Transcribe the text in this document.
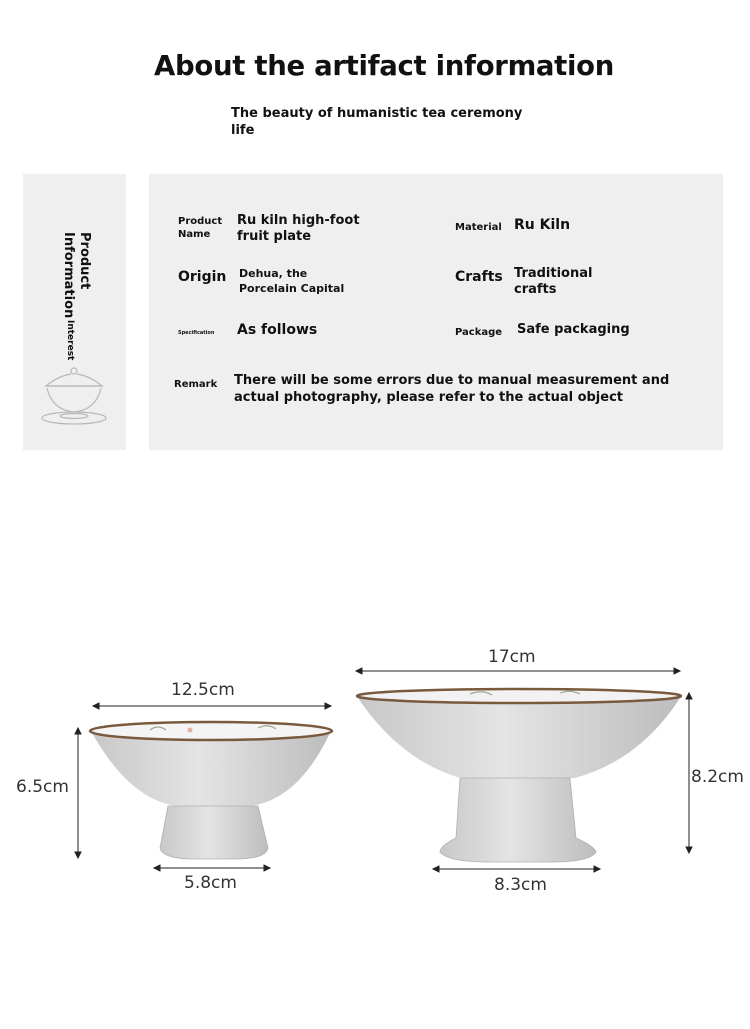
About the artifact information
The beauty of humanistic tea ceremony life
Product
Information
Interest
Product Name
Ru kiln high-foot fruit plate
Material Ru Kiln
Origin Dehua, the Porcelain Capital
Crafts Traditional crafts
Specification As follows	Package Safe packaging
Remark There will be some errors due to manual measurement and actual photography, please refer to the actual object
12.5cm
6.5cm
5.8cm
17cm
8.2cm
8.3cm
